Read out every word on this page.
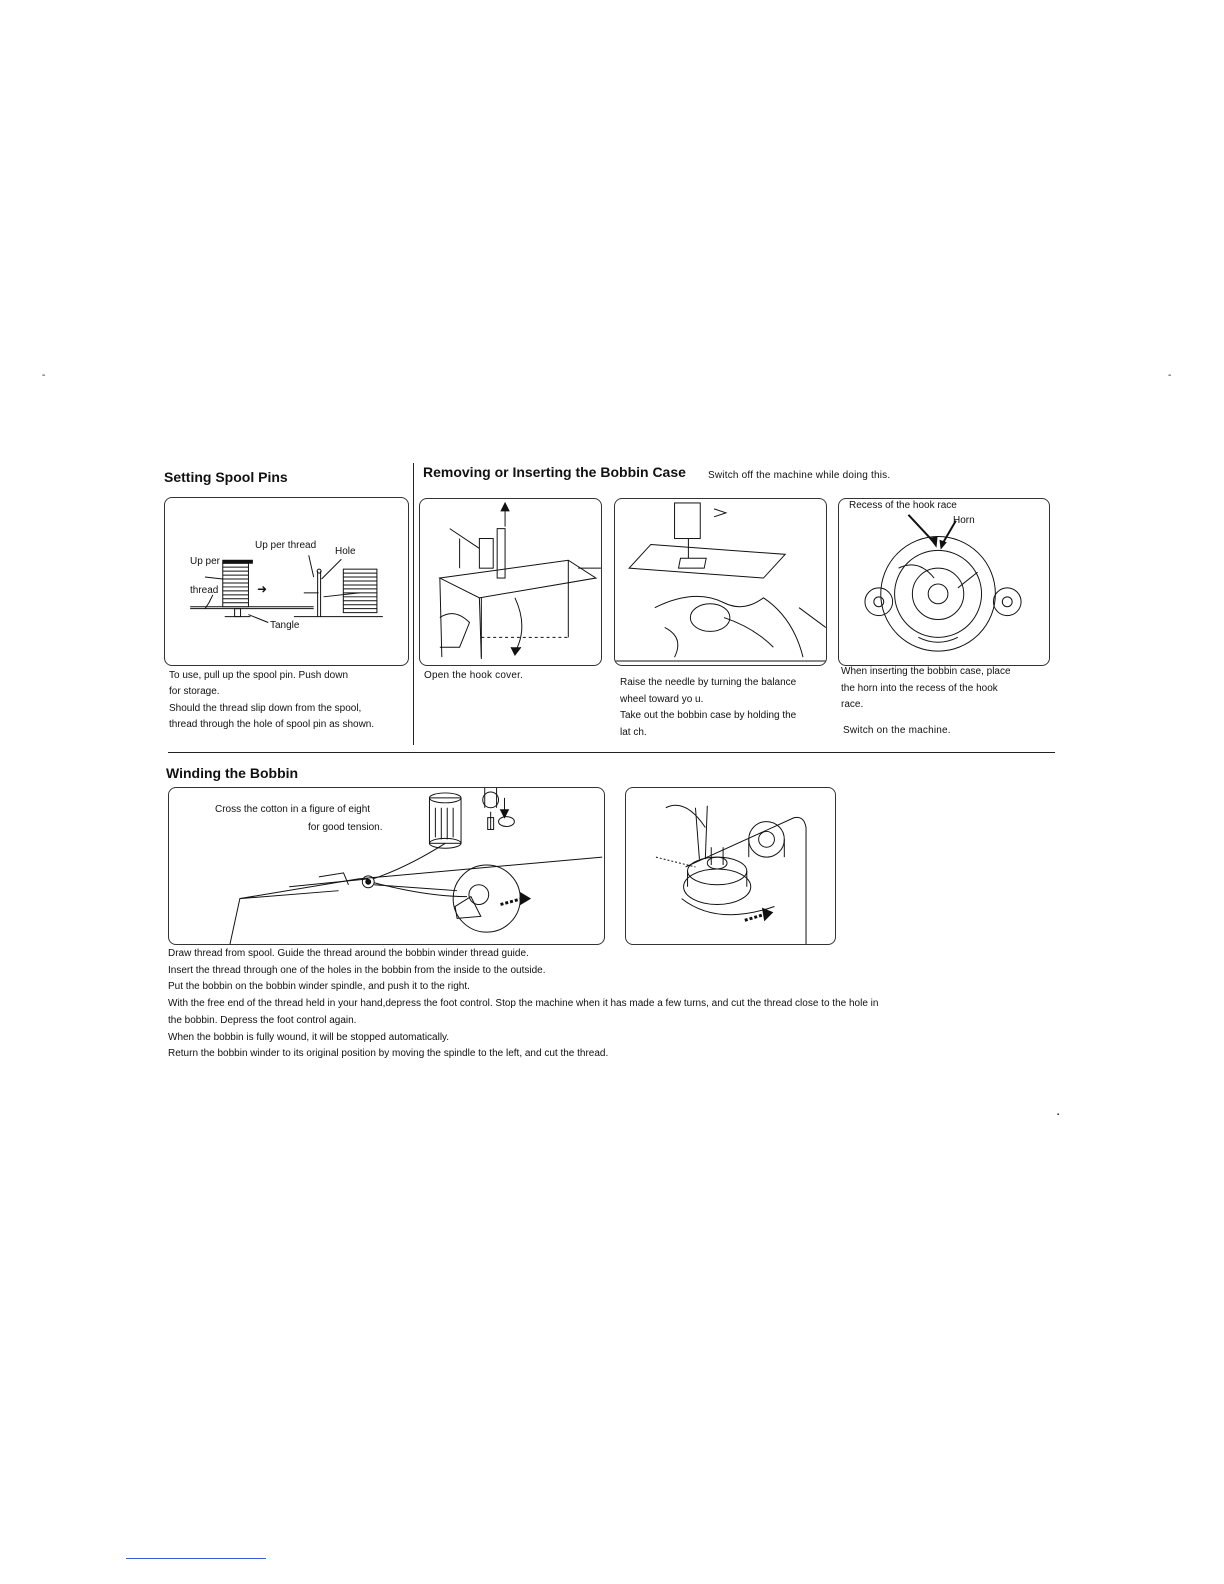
-	-
▪
Setting Spool Pins
Up per thread
Hole
Up per
thread
Tangle
➜
To use, pull up the spool pin. Push down
for storage.
Should the thread slip down from the spool,
thread through the hole of spool pin as shown.
Removing or Inserting the Bobbin Case Switch off the machine while doing this.
Open the hook cover.
Raise the needle by turning the balance
wheel toward yo u.
Take out the bobbin case by holding the
lat ch.
Recess of the hook race
Horn
When inserting the bobbin case, place
the horn into the recess of the hook
race.
Switch on the machine.
Winding the Bobbin
Cross the cotton in a figure of eight
for good tension.
Draw thread from spool. Guide the thread around the bobbin winder thread guide.
Insert the thread through one of the holes in the bobbin from the inside to the outside.
Put the bobbin on the bobbin winder spindle, and push it to the right.
With the free end of the thread held in your hand,depress the foot control. Stop the machine when it has made a few turns, and cut the thread close to the hole in
the bobbin. Depress the foot control again.
When the bobbin is fully wound, it will be stopped automatically.
Return the bobbin winder to its original position by moving the spindle to the left, and cut the thread.
